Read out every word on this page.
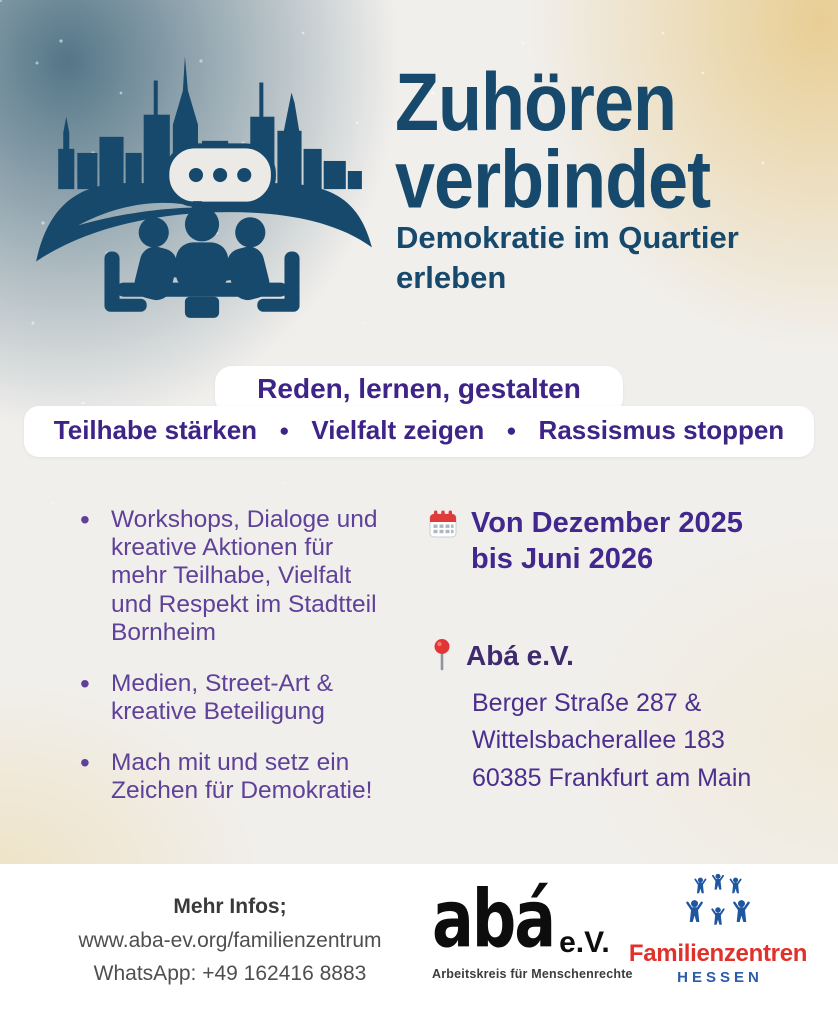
Zuhören
verbindet
Demokratie im Quartier erleben
Reden, lernen, gestalten
Teilhabe stärken ● Vielfalt zeigen ● Rassismus stoppen
• Workshops, Dialoge und kreative Aktionen für mehr Teilhabe, Vielfalt und Respekt im Stadtteil Bornheim
• Medien, Street-Art & kreative Beteiligung
• Mach mit und setz ein Zeichen für Demokratie!
Von Dezember 2025
bis Juni 2026
Abá e.V.
Berger Straße 287 &
Wittelsbacherallee 183
60385 Frankfurt am Main
Mehr Infos;
www.aba-ev.org/familienzentrum
WhatsApp: +49 162416 8883
abá e.V.
Arbeitskreis für Menschenrechte
Familienzentren
HESSEN
